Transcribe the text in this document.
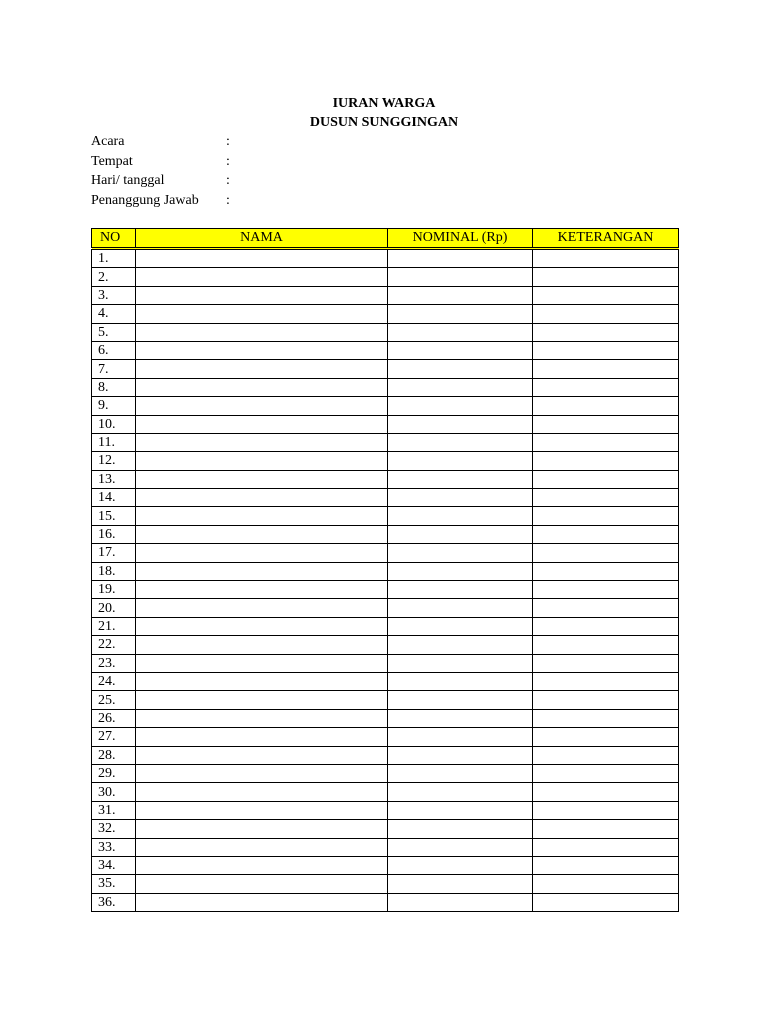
IURAN WARGA
DUSUN SUNGGINGAN
Acara	:
Tempat	:
Hari/ tanggal	:
Penanggung Jawab :
NO	NAMA	NOMINAL (Rp)	KETERANGAN
1.			
2.			
3.			
4.			
5.			
6.			
7.			
8.			
9.			
10.			
11.			
12.			
13.			
14.			
15.			
16.			
17.			
18.			
19.			
20.			
21.			
22.			
23.			
24.			
25.			
26.			
27.			
28.			
29.			
30.			
31.			
32.			
33.			
34.			
35.			
36.			
